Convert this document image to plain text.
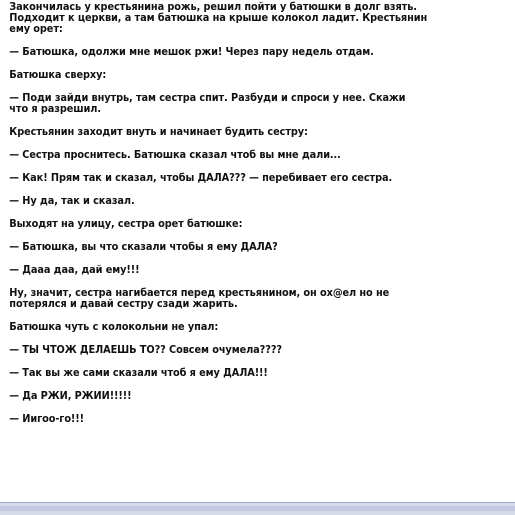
Закончилась у крестьянина рожь, решил пойти у батюшки в долг взять.
Подходит к церкви, а там батюшка на крыше колокол ладит. Крестьянин
ему орет:
— Батюшка, одолжи мне мешок ржи! Через пару недель отдам.
Батюшка сверху:
— Поди зайди внутрь, там сестра спит. Разбуди и спроси у нее. Скажи
что я разрешил.
Крестьянин заходит внуть и начинает будить сестру:
— Сестра проснитесь. Батюшка сказал чтоб вы мне дали...
— Как! Прям так и сказал, чтобы ДАЛА??? — перебивает его сестра.
— Ну да, так и сказал.
Выходят на улицу, сестра орет батюшке:
— Батюшка, вы что сказали чтобы я ему ДАЛА?
— Дааа даа, дай ему!!!
Ну, значит, сестра нагибается перед крестьянином, он ох@ел но не
потерялся и давай сестру сзади жарить.
Батюшка чуть с колокольни не упал:
— ТЫ ЧТОЖ ДЕЛАЕШЬ ТО?? Совсем очумела????
— Так вы же сами сказали чтоб я ему ДАЛА!!!
— Да РЖИ, РЖИИ!!!!!
— Иигоо-го!!!
